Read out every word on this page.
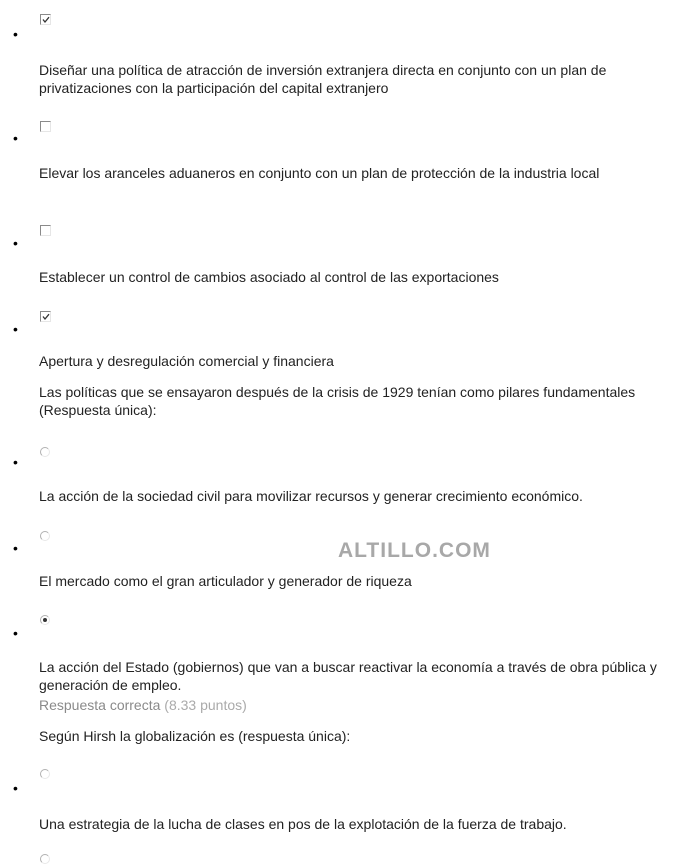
•

Diseñar una política de atracción de inversión extranjera directa en conjunto con un plan de privatizaciones con la participación del capital extranjero

•

Elevar los aranceles aduaneros en conjunto con un plan de protección de la industria local

•

Establecer un control de cambios asociado al control de las exportaciones

•

Apertura y desregulación comercial y financiera

Las políticas que se ensayaron después de la crisis de 1929 tenían como pilares fundamentales (Respuesta única):

•

La acción de la sociedad civil para movilizar recursos y generar crecimiento económico.

•

El mercado como el gran articulador y generador de riqueza

•

La acción del Estado (gobiernos) que van a buscar reactivar la economía a través de obra pública y generación de empleo.

Respuesta correcta (8.33 puntos)

Según Hirsh la globalización es (respuesta única):

•

Una estrategia de la lucha de clases en pos de la explotación de la fuerza de trabajo.

ALTILLO.COM
